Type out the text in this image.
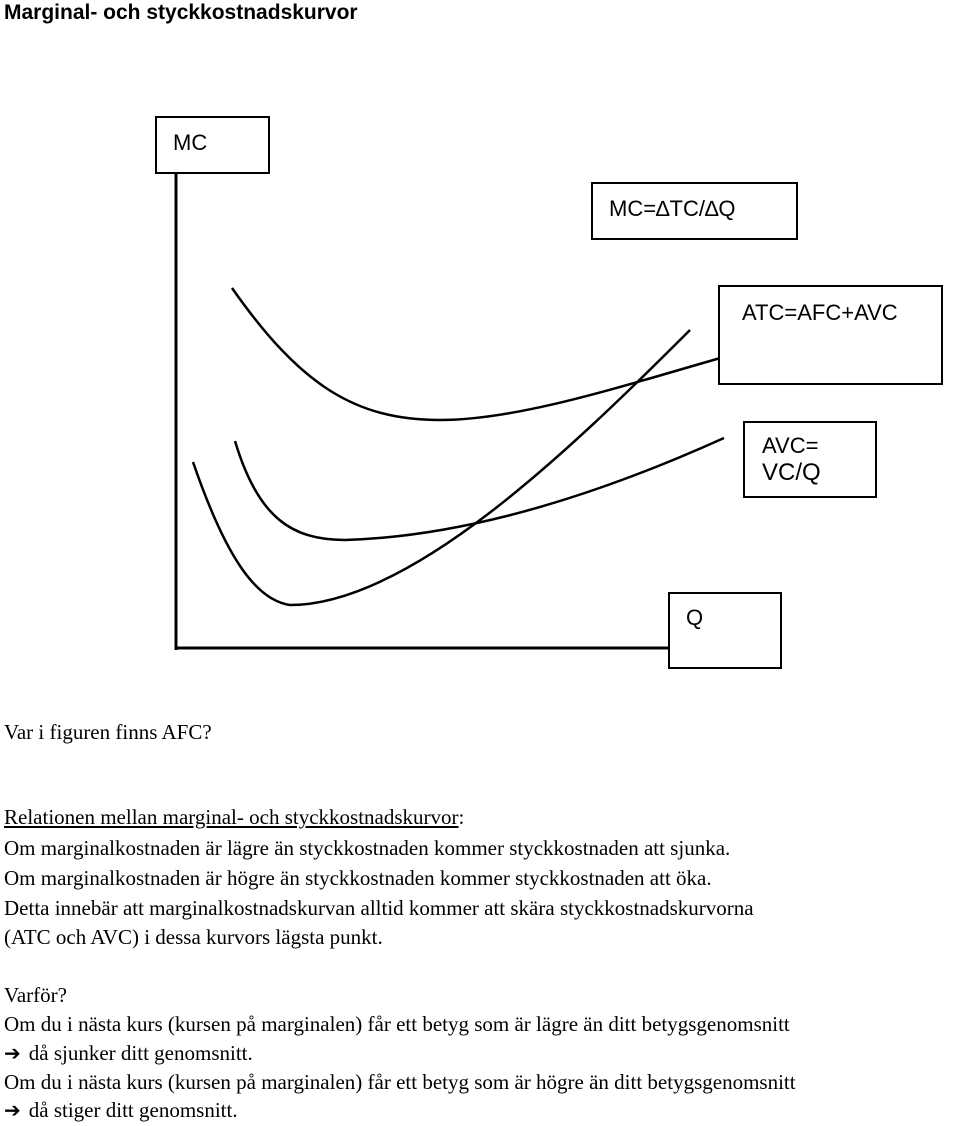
Marginal- och styckkostnadskurvor
MC
MC=∆TC/∆Q
ATC=AFC+AVC
AVC=
VC/Q
Q
Var i figuren finns AFC?
Relationen mellan marginal- och styckkostnadskurvor:
Om marginalkostnaden är lägre än styckkostnaden kommer styckkostnaden att sjunka.
Om marginalkostnaden är högre än styckkostnaden kommer styckkostnaden att öka.
Detta innebär att marginalkostnadskurvan alltid kommer att skära styckkostnadskurvorna
(ATC och AVC) i dessa kurvors lägsta punkt.
Varför?
Om du i nästa kurs (kursen på marginalen) får ett betyg som är lägre än ditt betygsgenomsnitt
➔ då sjunker ditt genomsnitt.
Om du i nästa kurs (kursen på marginalen) får ett betyg som är högre än ditt betygsgenomsnitt
➔ då stiger ditt genomsnitt.
